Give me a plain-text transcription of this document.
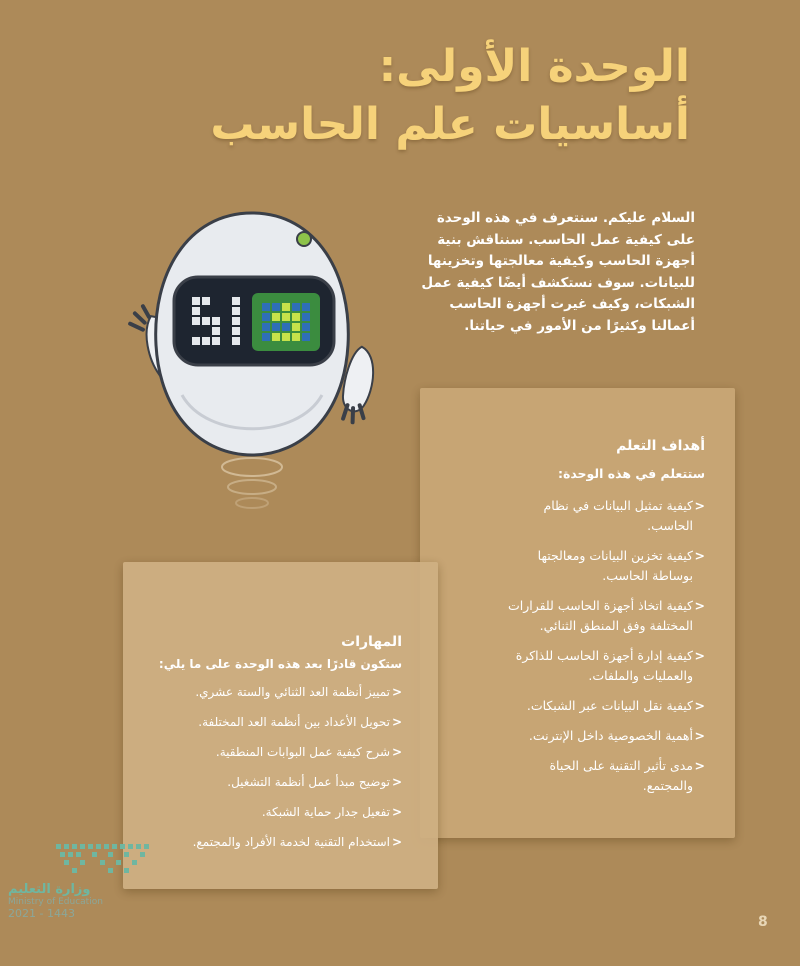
الوحدة الأولى:
أساسيات علم الحاسب
السلام عليكم. سنتعرف في هذه الوحدة على كيفية عمل الحاسب. سنناقش بنية أجهزة الحاسب وكيفية معالجتها وتخزينها للبيانات. سوف نستكشف أيضًا كيفية عمل الشبكات، وكيف غيرت أجهزة الحاسب أعمالنا وكثيرًا من الأمور في حياتنا.
أهداف التعلم
ستتعلم في هذه الوحدة:
< كيفية تمثيل البيانات في نظام الحاسب.
< كيفية تخزين البيانات ومعالجتها بوساطة الحاسب.
< كيفية اتخاذ أجهزة الحاسب للقرارات المختلفة وفق المنطق الثنائي.
< كيفية إدارة أجهزة الحاسب للذاكرة والعمليات والملفات.
< كيفية نقل البيانات عبر الشبكات.
< أهمية الخصوصية داخل الإنترنت.
< مدى تأثير التقنية على الحياة والمجتمع.
المهارات
ستكون قادرًا بعد هذه الوحدة على ما يلي:
< تمييز أنظمة العد الثنائي والستة عشري.
< تحويل الأعداد بين أنظمة العد المختلفة.
< شرح كيفية عمل البوابات المنطقية.
< توضيح مبدأ عمل أنظمة التشغيل.
< تفعيل جدار حماية الشبكة.
< استخدام التقنية لخدمة الأفراد والمجتمع.
وزارة التعليم
Ministry of Education
2021 - 1443
8
